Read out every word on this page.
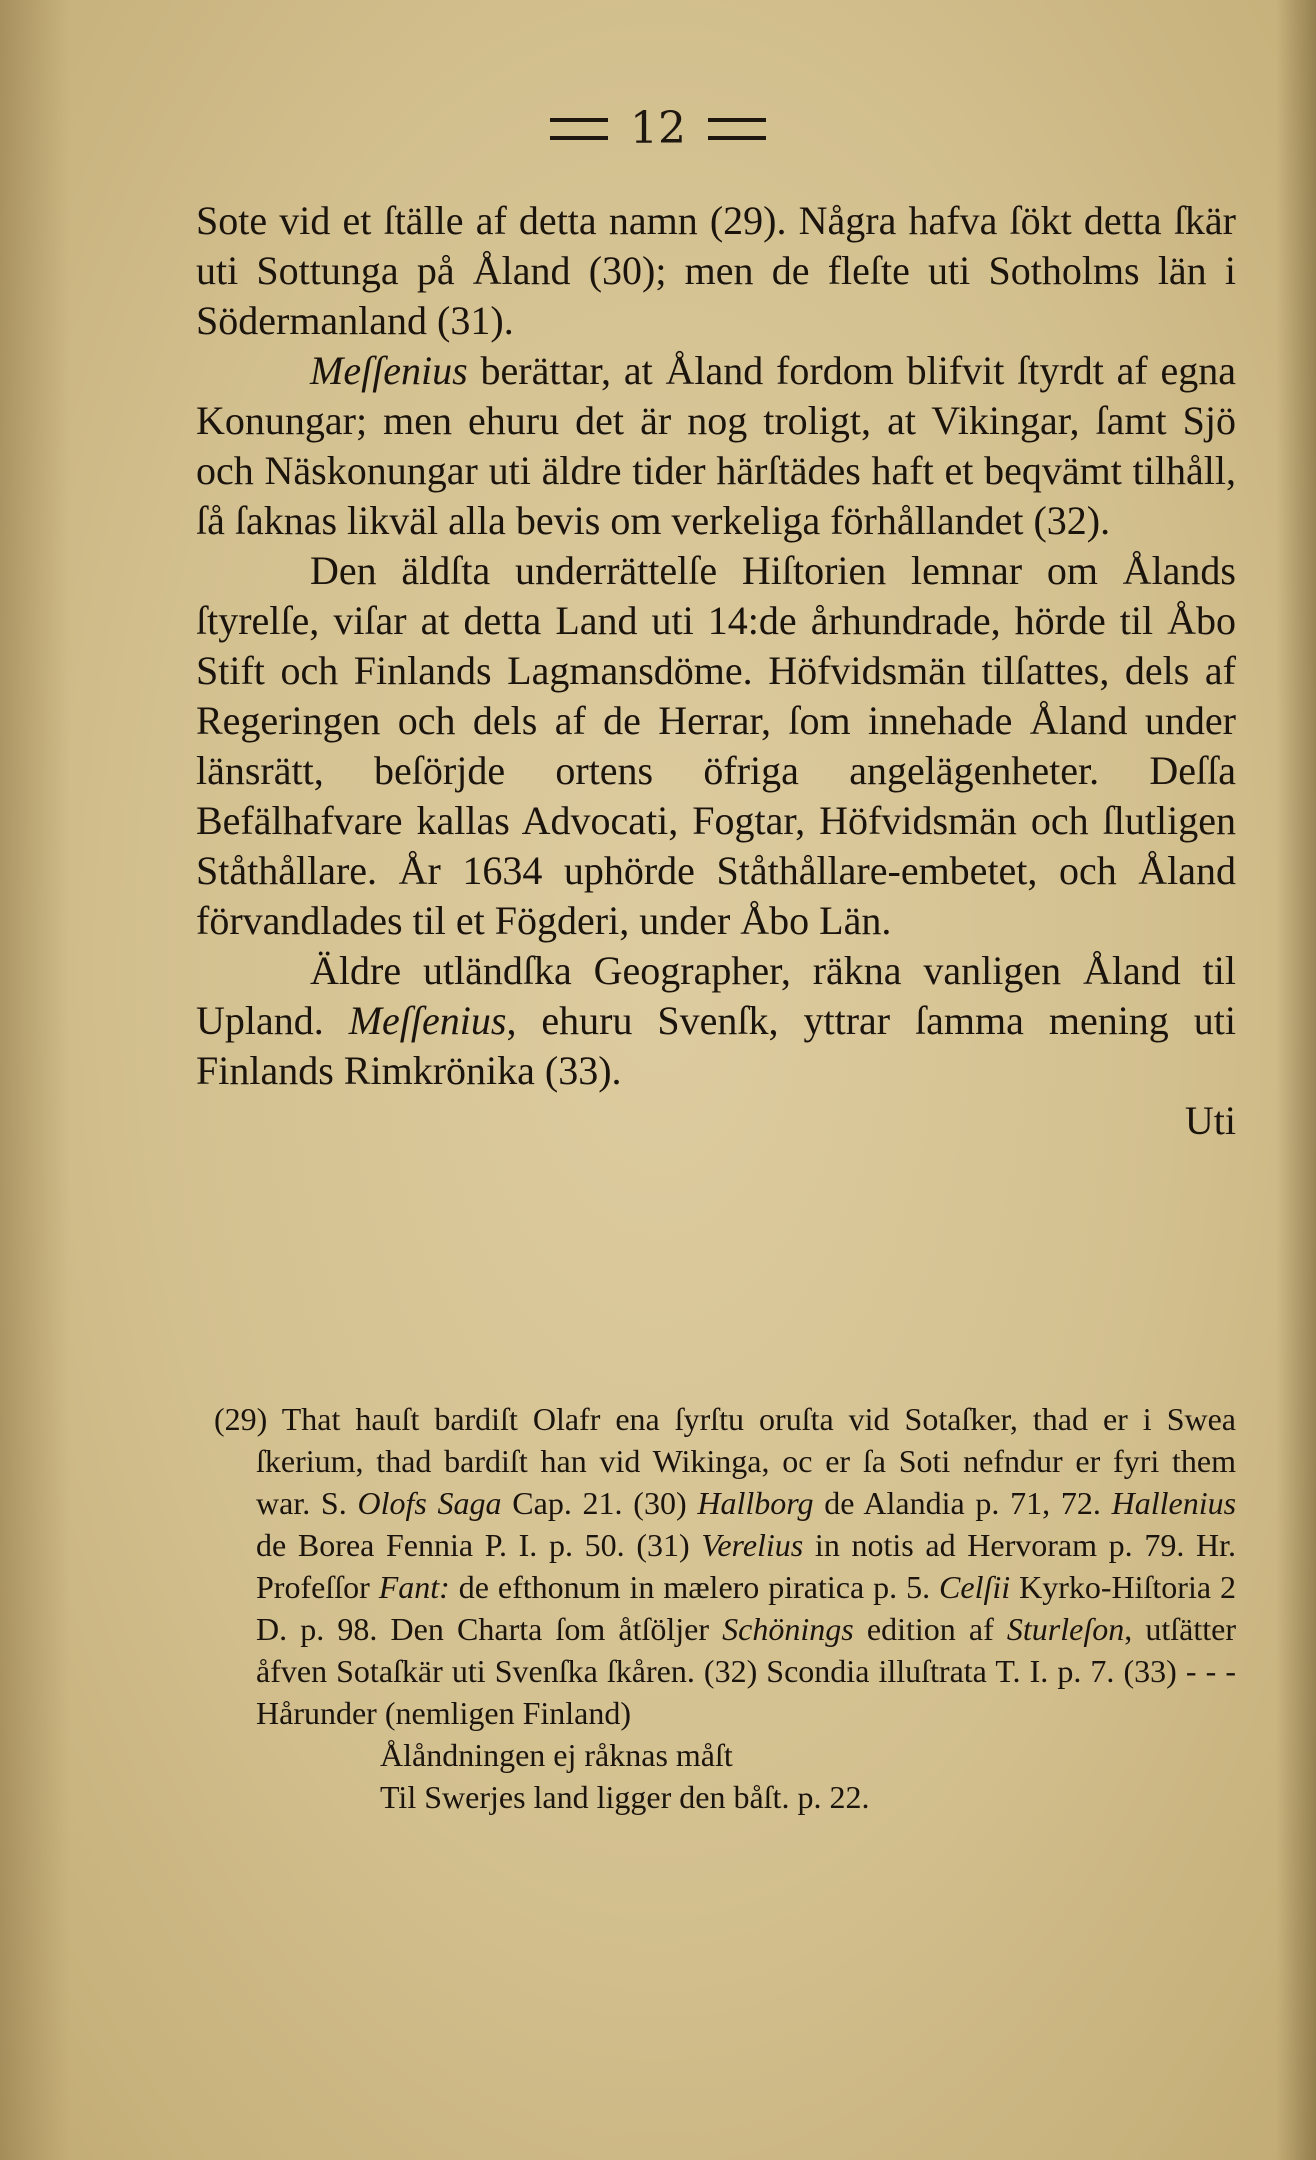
12

Sote vid et ſtälle af detta namn (29). Några hafva ſökt detta ſkär uti Sottunga på Åland (30); men de fleſte uti Sotholms län i Södermanland (31).

Meſſenius berättar, at Åland fordom blifvit ſtyrdt af egna Konungar; men ehuru det är nog troligt, at Vikingar, ſamt Sjö och Näskonungar uti äldre tider härſtädes haft et beqvämt tilhåll, ſå ſaknas likväl alla bevis om verkeliga förhållandet (32).

Den äldſta underrättelſe Hiſtorien lemnar om Ålands ſtyrelſe, viſar at detta Land uti 14:de århundrade, hörde til Åbo Stift och Finlands Lagmansdöme. Höfvidsmän tilſattes, dels af Regeringen och dels af de Herrar, ſom innehade Åland under länsrätt, beſörjde ortens öfriga angelägenheter. Deſſa Befälhafvare kallas Advocati, Fogtar, Höfvidsmän och ſlutligen Ståthållare. År 1634 uphörde Ståthållare-embetet, och Åland förvandlades til et Fögderi, under Åbo Län.

Äldre utländſka Geographer, räkna vanligen Åland til Upland. Meſſenius, ehuru Svenſk, yttrar ſamma mening uti Finlands Rimkrönika (33).

Uti

(29) That hauſt bardiſt Olafr ena ſyrſtu oruſta vid Sotaſker, thad er i Swea ſkerium, thad bardiſt han vid Wikinga, oc er ſa Soti nefndur er fyri them war. S. Olofs Saga Cap. 21. (30) Hallborg de Alandia p. 71, 72. Hallenius de Borea Fennia P. I. p. 50. (31) Verelius in notis ad Hervoram p. 79. Hr. Profeſſor Fant: de efthonum in mælero piratica p. 5. Celſii Kyrko-Hiſtoria 2 D. p. 98. Den Charta ſom åtſöljer Schönings edition af Sturleſon, utſätter åfven Sotaſkär uti Svenſka ſkåren. (32) Scondia illuſtrata T. I. p. 7. (33) - - - Hårunder (nemligen Finland)

Ålåndningen ej råknas måſt

Til Swerjes land ligger den båſt. p. 22.
